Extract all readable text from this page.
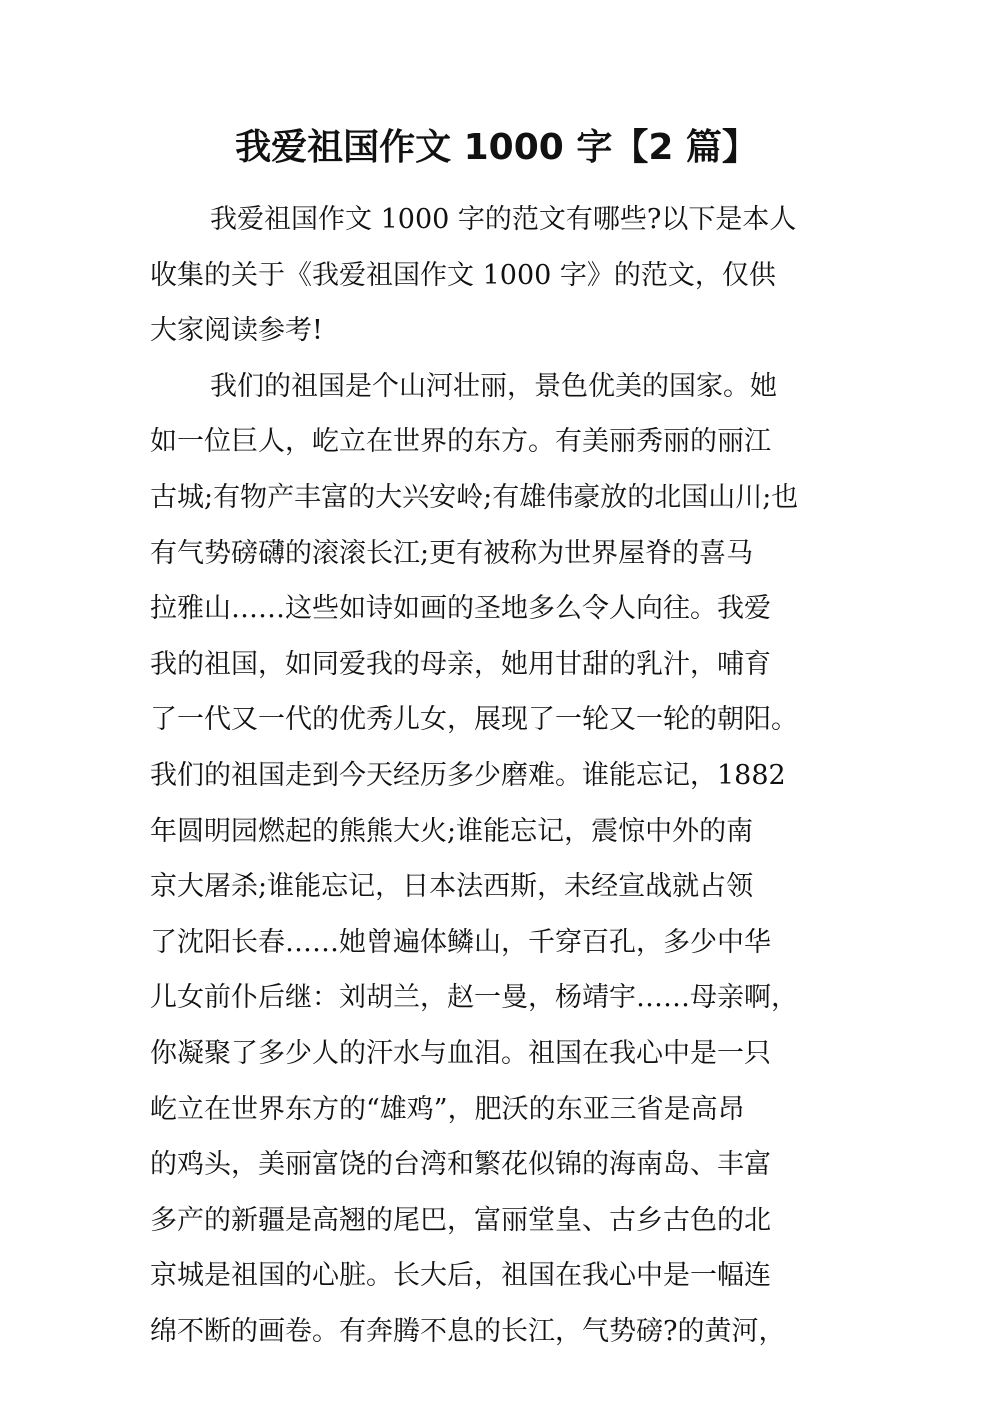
我爱祖国作文 1000 字【2 篇】
我爱祖国作文 1000 字的范文有哪些?以下是本人
收集的关于《我爱祖国作文 1000 字》的范文，仅供
大家阅读参考!
我们的祖国是个山河壮丽，景色优美的国家。她
如一位巨人，屹立在世界的东方。有美丽秀丽的丽江
古城;有物产丰富的大兴安岭;有雄伟豪放的北国山川;也
有气势磅礴的滚滚长江;更有被称为世界屋脊的喜马
拉雅山……这些如诗如画的圣地多么令人向往。我爱
我的祖国，如同爱我的母亲，她用甘甜的乳汁，哺育
了一代又一代的优秀儿女，展现了一轮又一轮的朝阳。
我们的祖国走到今天经历多少磨难。谁能忘记，1882
年圆明园燃起的熊熊大火;谁能忘记，震惊中外的南
京大屠杀;谁能忘记，日本法西斯，未经宣战就占领
了沈阳长春……她曾遍体鳞山，千穿百孔，多少中华
儿女前仆后继：刘胡兰，赵一曼，杨靖宇……母亲啊，
你凝聚了多少人的汗水与血泪。祖国在我心中是一只
屹立在世界东方的“雄鸡”，肥沃的东亚三省是高昂
的鸡头，美丽富饶的台湾和繁花似锦的海南岛、丰富
多产的新疆是高翘的尾巴，富丽堂皇、古乡古色的北
京城是祖国的心脏。长大后，祖国在我心中是一幅连
绵不断的画卷。有奔腾不息的长江，气势磅?的黄河，
